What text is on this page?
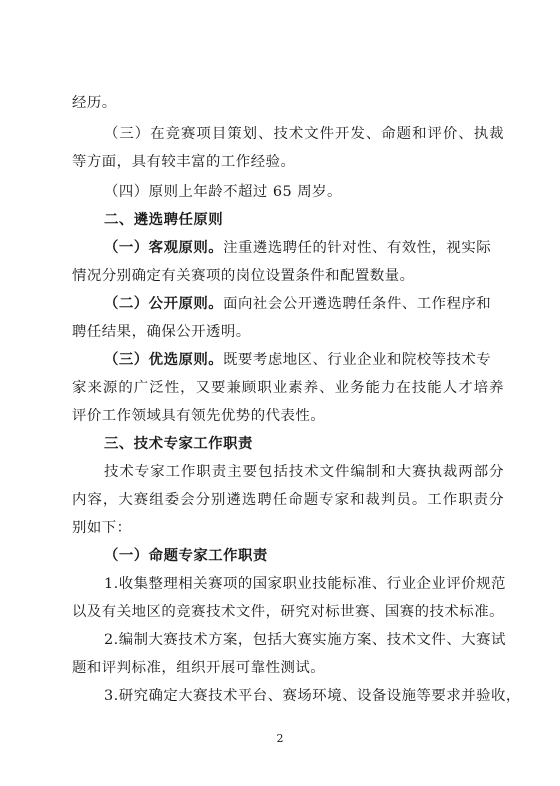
经历。
（三）在竞赛项目策划、技术文件开发、命题和评价、执裁
等方面，具有较丰富的工作经验。
（四）原则上年龄不超过 65 周岁。
二、遴选聘任原则
（一）客观原则。注重遴选聘任的针对性、有效性，视实际
情况分别确定有关赛项的岗位设置条件和配置数量。
（二）公开原则。面向社会公开遴选聘任条件、工作程序和
聘任结果，确保公开透明。
（三）优选原则。既要考虑地区、行业企业和院校等技术专
家来源的广泛性，又要兼顾职业素养、业务能力在技能人才培养
评价工作领域具有领先优势的代表性。
三、技术专家工作职责
技术专家工作职责主要包括技术文件编制和大赛执裁两部分
内容，大赛组委会分别遴选聘任命题专家和裁判员。工作职责分
别如下：
（一）命题专家工作职责
1.收集整理相关赛项的国家职业技能标准、行业企业评价规范
以及有关地区的竞赛技术文件，研究对标世赛、国赛的技术标准。
2.编制大赛技术方案，包括大赛实施方案、技术文件、大赛试
题和评判标准，组织开展可靠性测试。
3.研究确定大赛技术平台、赛场环境、设备设施等要求并验收，
2
